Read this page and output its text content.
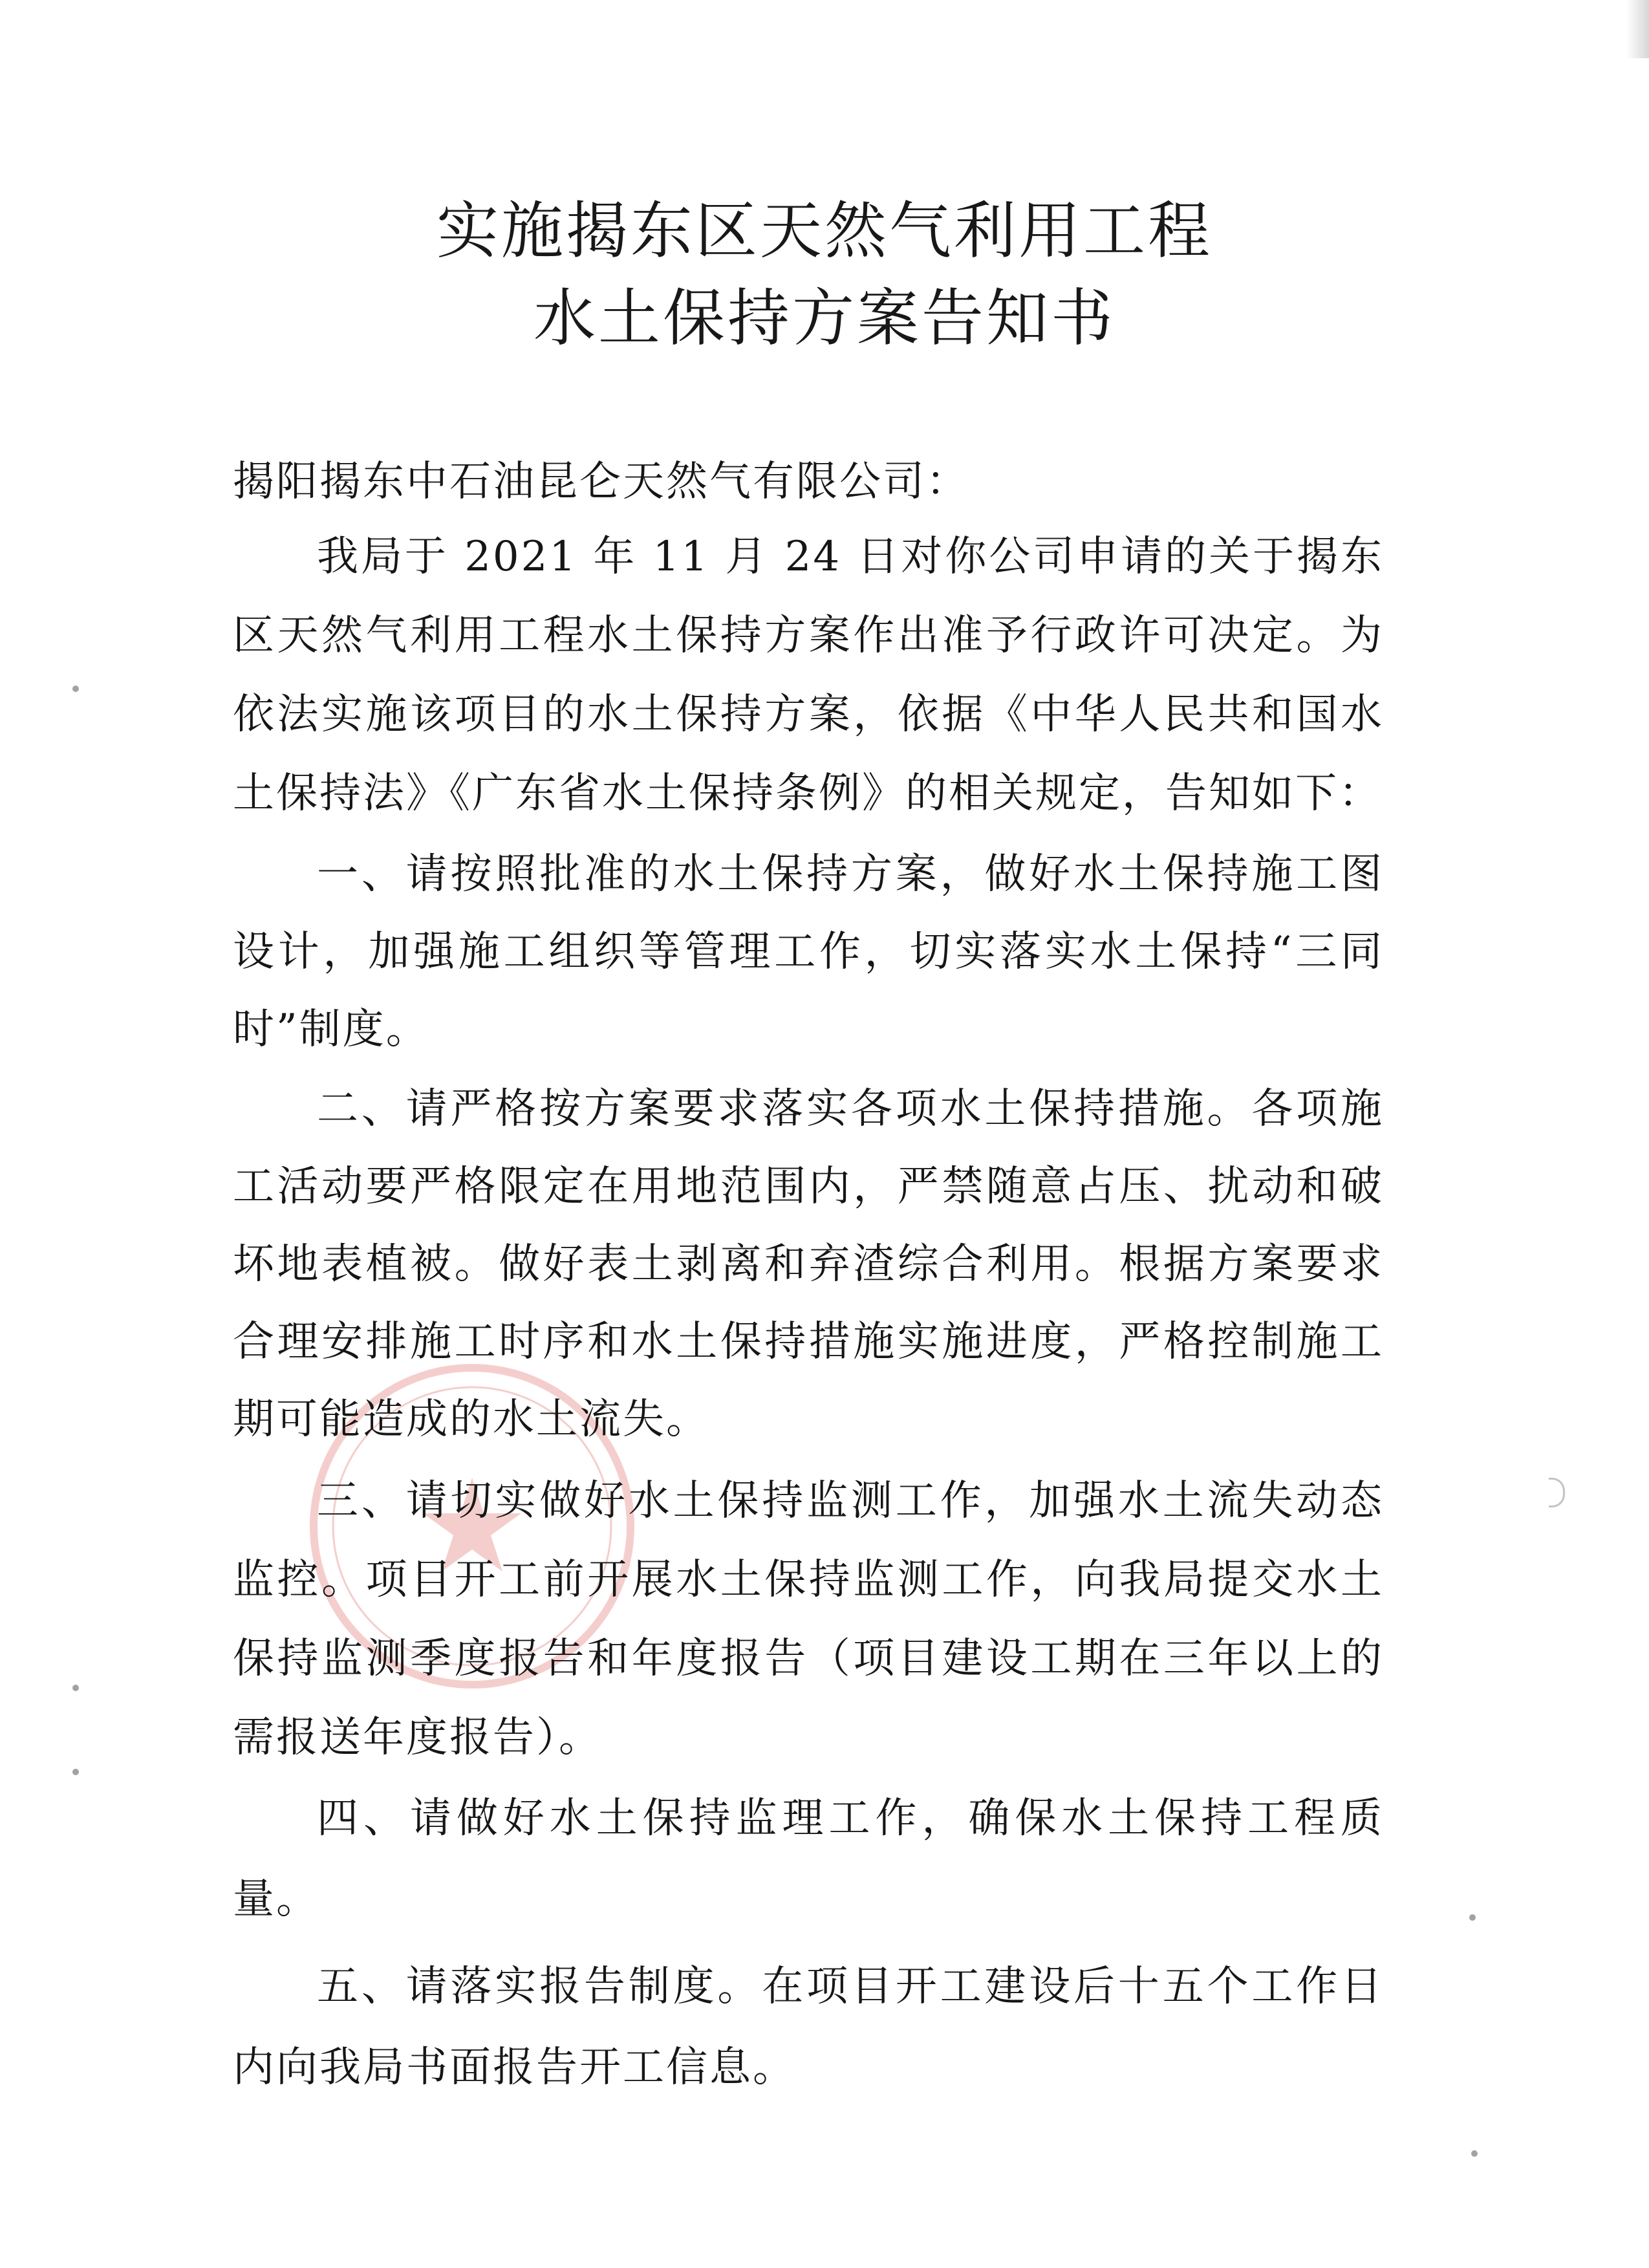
实施揭东区天然气利用工程
水土保持方案告知书
揭阳揭东中石油昆仑天然气有限公司：
我局于 2021 年 11 月 24 日对你公司申请的关于揭东区天然气利用工程水土保持方案作出准予行政许可决定。为依法实施该项目的水土保持方案，依据《中华人民共和国水土保持法》《广东省水土保持条例》的相关规定，告知如下：
一、请按照批准的水土保持方案，做好水土保持施工图设计，加强施工组织等管理工作，切实落实水土保持“三同时”制度。
二、请严格按方案要求落实各项水土保持措施。各项施工活动要严格限定在用地范围内，严禁随意占压、扰动和破坏地表植被。做好表土剥离和弃渣综合利用。根据方案要求合理安排施工时序和水土保持措施实施进度，严格控制施工期可能造成的水土流失。
三、请切实做好水土保持监测工作，加强水土流失动态监控。项目开工前开展水土保持监测工作，向我局提交水土保持监测季度报告和年度报告（项目建设工期在三年以上的需报送年度报告）。
四、请做好水土保持监理工作，确保水土保持工程质量。
五、请落实报告制度。在项目开工建设后十五个工作日内向我局书面报告开工信息。
